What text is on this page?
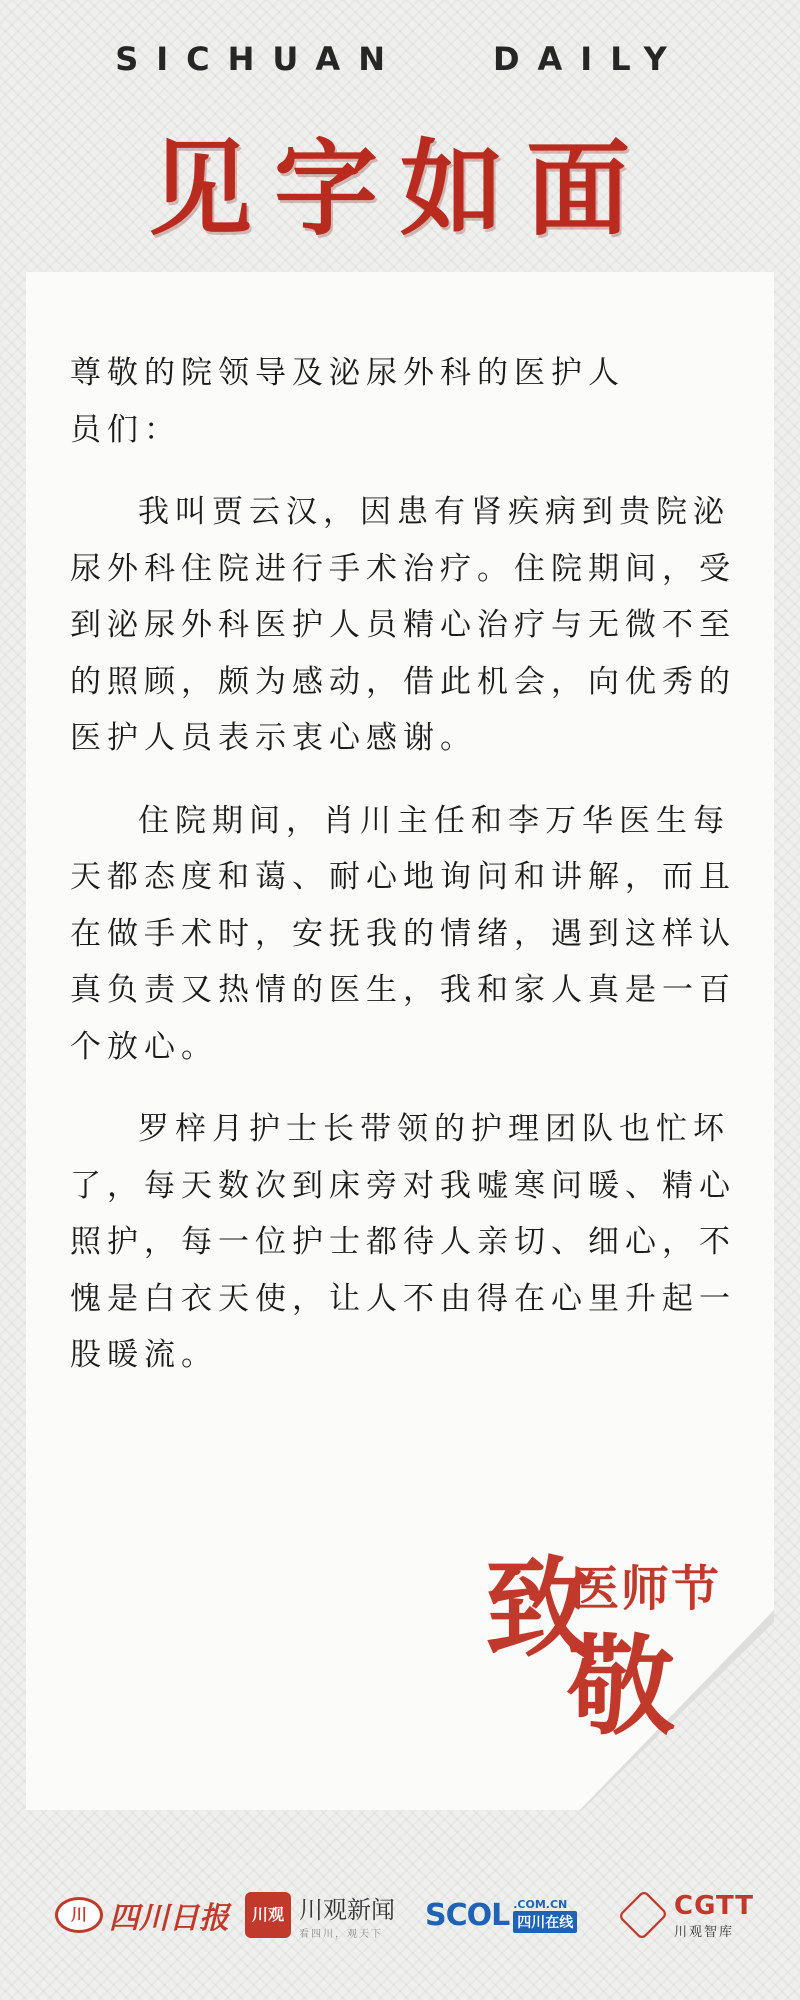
SICHUAN	DAILY
见字如面

尊敬的院领导及泌尿外科的医护人员们：

我叫贾云汉，因患有肾疾病到贵院泌尿外科住院进行手术治疗。住院期间，受到泌尿外科医护人员精心治疗与无微不至的照顾，颇为感动，借此机会，向优秀的医护人员表示衷心感谢。

住院期间，肖川主任和李万华医生每天都态度和蔼、耐心地询问和讲解，而且在做手术时，安抚我的情绪，遇到这样认真负责又热情的医生，我和家人真是一百个放心。

罗梓月护士长带领的护理团队也忙坏了，每天数次到床旁对我嘘寒问暖、精心照护，每一位护士都待人亲切、细心，不愧是白衣天使，让人不由得在心里升起一股暖流。

致
敬
医师节
川 四川日报	川观 川观新闻
看四川，观天下
SCOL .COM.CN
四川在线
CGTT
川观智库
